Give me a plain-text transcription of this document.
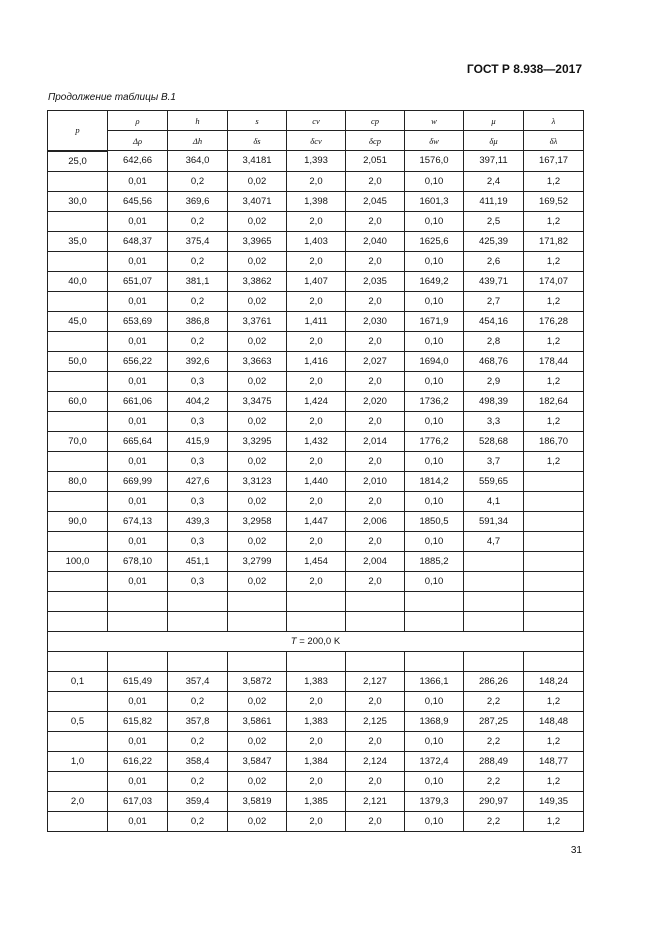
ГОСТ Р 8.938—2017
Продолжение таблицы В.1
p	ρ	h	s	cv	cp	w	μ	λ
	Δρ	Δh	δs	δcv	δcp	δw	δμ	δλ
25,0	642,66	364,0	3,4181	1,393	2,051	1576,0	397,11	167,17
	0,01	0,2	0,02	2,0	2,0	0,10	2,4	1,2
30,0	645,56	369,6	3,4071	1,398	2,045	1601,3	411,19	169,52
	0,01	0,2	0,02	2,0	2,0	0,10	2,5	1,2
35,0	648,37	375,4	3,3965	1,403	2,040	1625,6	425,39	171,82
	0,01	0,2	0,02	2,0	2,0	0,10	2,6	1,2
40,0	651,07	381,1	3,3862	1,407	2,035	1649,2	439,71	174,07
	0,01	0,2	0,02	2,0	2,0	0,10	2,7	1,2
45,0	653,69	386,8	3,3761	1,411	2,030	1671,9	454,16	176,28
	0,01	0,2	0,02	2,0	2,0	0,10	2,8	1,2
50,0	656,22	392,6	3,3663	1,416	2,027	1694,0	468,76	178,44
	0,01	0,3	0,02	2,0	2,0	0,10	2,9	1,2
60,0	661,06	404,2	3,3475	1,424	2,020	1736,2	498,39	182,64
	0,01	0,3	0,02	2,0	2,0	0,10	3,3	1,2
70,0	665,64	415,9	3,3295	1,432	2,014	1776,2	528,68	186,70
	0,01	0,3	0,02	2,0	2,0	0,10	3,7	1,2
80,0	669,99	427,6	3,3123	1,440	2,010	1814,2	559,65	
	0,01	0,3	0,02	2,0	2,0	0,10	4,1	
90,0	674,13	439,3	3,2958	1,447	2,006	1850,5	591,34	
	0,01	0,3	0,02	2,0	2,0	0,10	4,7	
100,0	678,10	451,1	3,2799	1,454	2,004	1885,2		
	0,01	0,3	0,02	2,0	2,0	0,10		

T = 200,0 K								

0,1	615,49	357,4	3,5872	1,383	2,127	1366,1	286,26	148,24
	0,01	0,2	0,02	2,0	2,0	0,10	2,2	1,2
0,5	615,82	357,8	3,5861	1,383	2,125	1368,9	287,25	148,48
	0,01	0,2	0,02	2,0	2,0	0,10	2,2	1,2
1,0	616,22	358,4	3,5847	1,384	2,124	1372,4	288,49	148,77
	0,01	0,2	0,02	2,0	2,0	0,10	2,2	1,2
2,0	617,03	359,4	3,5819	1,385	2,121	1379,3	290,97	149,35
	0,01	0,2	0,02	2,0	2,0	0,10	2,2	1,2
31
